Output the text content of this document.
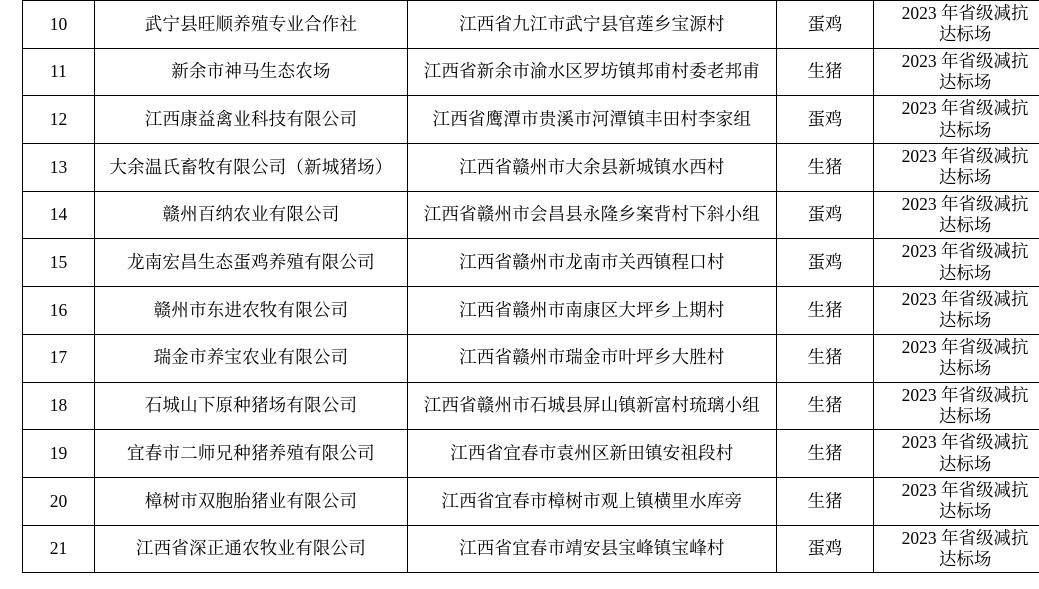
10	武宁县旺顺养殖专业合作社	江西省九江市武宁县官莲乡宝源村	蛋鸡	2023 年省级减抗
达标场

11	新余市神马生态农场	江西省新余市渝水区罗坊镇邦甫村委老邦甫	生猪	2023 年省级减抗
达标场

12	江西康益禽业科技有限公司	江西省鹰潭市贵溪市河潭镇丰田村李家组	蛋鸡	2023 年省级减抗
达标场

13	大余温氏畜牧有限公司（新城猪场）	江西省赣州市大余县新城镇水西村	生猪	2023 年省级减抗
达标场

14	赣州百纳农业有限公司	江西省赣州市会昌县永隆乡案背村下斜小组	蛋鸡	2023 年省级减抗
达标场

15	龙南宏昌生态蛋鸡养殖有限公司	江西省赣州市龙南市关西镇程口村	蛋鸡	2023 年省级减抗
达标场

16	赣州市东进农牧有限公司	江西省赣州市南康区大坪乡上期村	生猪	2023 年省级减抗
达标场

17	瑞金市养宝农业有限公司	江西省赣州市瑞金市叶坪乡大胜村	生猪	2023 年省级减抗
达标场

18	石城山下原种猪场有限公司	江西省赣州市石城县屏山镇新富村琉璃小组	生猪	2023 年省级减抗
达标场

19	宜春市二师兄种猪养殖有限公司	江西省宜春市袁州区新田镇安祖段村	生猪	2023 年省级减抗
达标场

20	樟树市双胞胎猪业有限公司	江西省宜春市樟树市观上镇横里水库旁	生猪	2023 年省级减抗
达标场

21	江西省深正通农牧业有限公司	江西省宜春市靖安县宝峰镇宝峰村	蛋鸡	2023 年省级减抗
达标场
